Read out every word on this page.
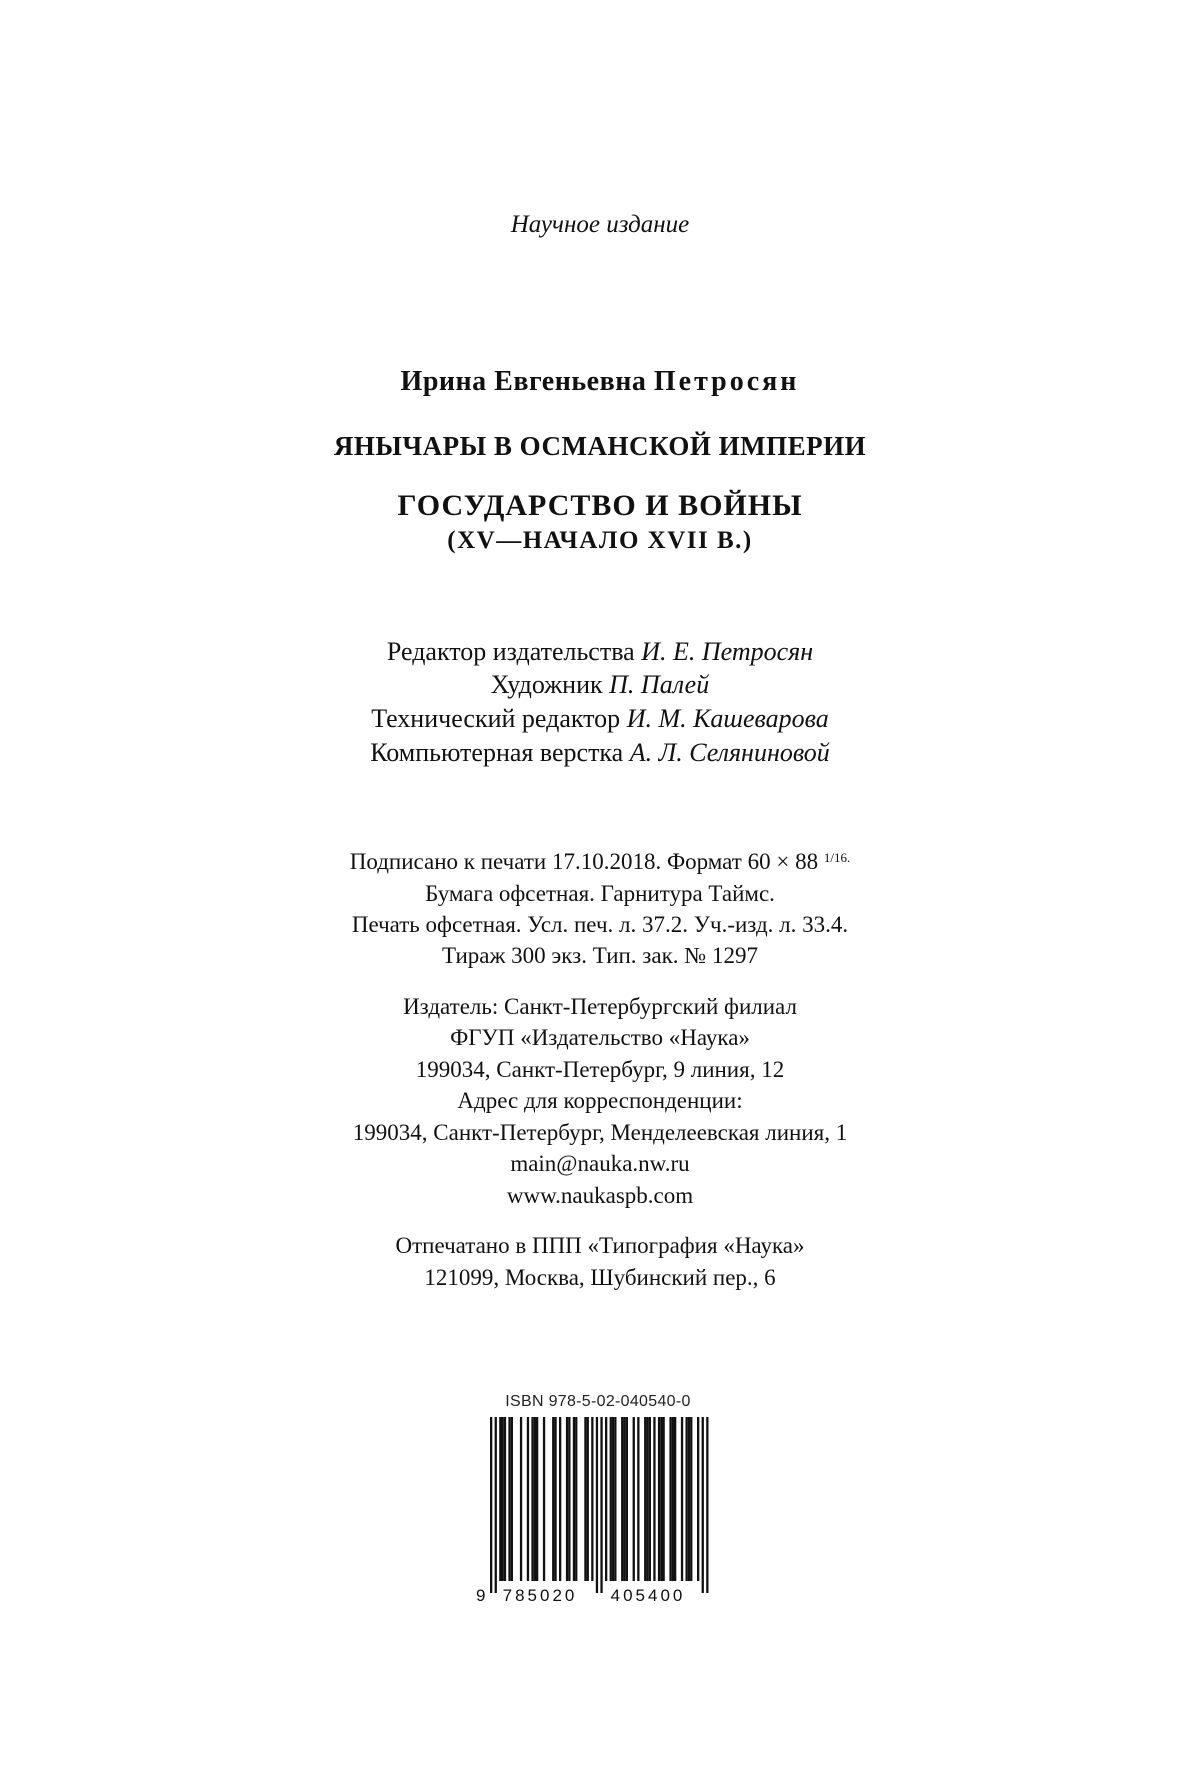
Научное издание
Ирина Евгеньевна Петросян
ЯНЫЧАРЫ В ОСМАНСКОЙ ИМПЕРИИ
ГОСУДАРСТВО И ВОЙНЫ
(XV—НАЧАЛО XVII В.)
Редактор издательства И. Е. Петросян
Художник П. Палей
Технический редактор И. М. Кашеварова
Компьютерная верстка А. Л. Селяниновой
Подписано к печати 17.10.2018. Формат 60 × 88 $^{1/16.}$
Бумага офсетная. Гарнитура Таймс.
Печать офсетная. Усл. печ. л. 37.2. Уч.-изд. л. 33.4.
Тираж 300 экз. Тип. зак. № 1297
Издатель: Санкт-Петербургский филиал
ФГУП «Издательство «Наука»
199034, Санкт-Петербург, 9 линия, 12
Адрес для корреспонденции:
199034, Санкт-Петербург, Менделеевская линия, 1
main@nauka.nw.ru
www.naukaspb.com
Отпечатано в ППП «Типография «Наука»
121099, Москва, Шубинский пер., 6
ISBN 978-5-02-040540-0
9 785020 405400
